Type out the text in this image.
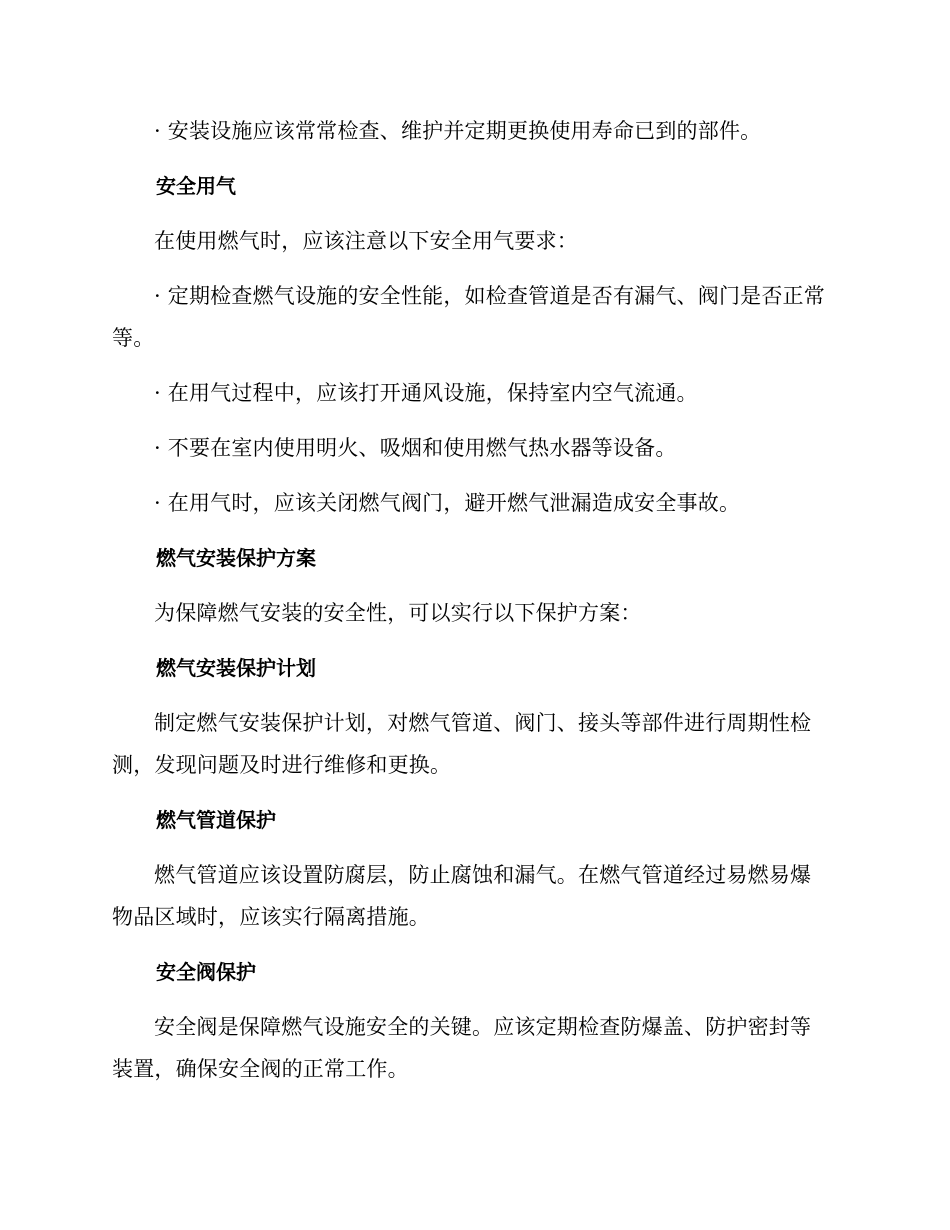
· 安装设施应该常常检查、维护并定期更换使用寿命已到的部件。

安全用气

在使用燃气时，应该注意以下安全用气要求：

· 定期检查燃气设施的安全性能，如检查管道是否有漏气、阀门是否正常等。

· 在用气过程中，应该打开通风设施，保持室内空气流通。

· 不要在室内使用明火、吸烟和使用燃气热水器等设备。

· 在用气时，应该关闭燃气阀门，避开燃气泄漏造成安全事故。

燃气安装保护方案

为保障燃气安装的安全性，可以实行以下保护方案：

燃气安装保护计划

制定燃气安装保护计划，对燃气管道、阀门、接头等部件进行周期性检测，发现问题及时进行维修和更换。

燃气管道保护

燃气管道应该设置防腐层，防止腐蚀和漏气。在燃气管道经过易燃易爆物品区域时，应该实行隔离措施。

安全阀保护

安全阀是保障燃气设施安全的关键。应该定期检查防爆盖、防护密封等装置，确保安全阀的正常工作。
